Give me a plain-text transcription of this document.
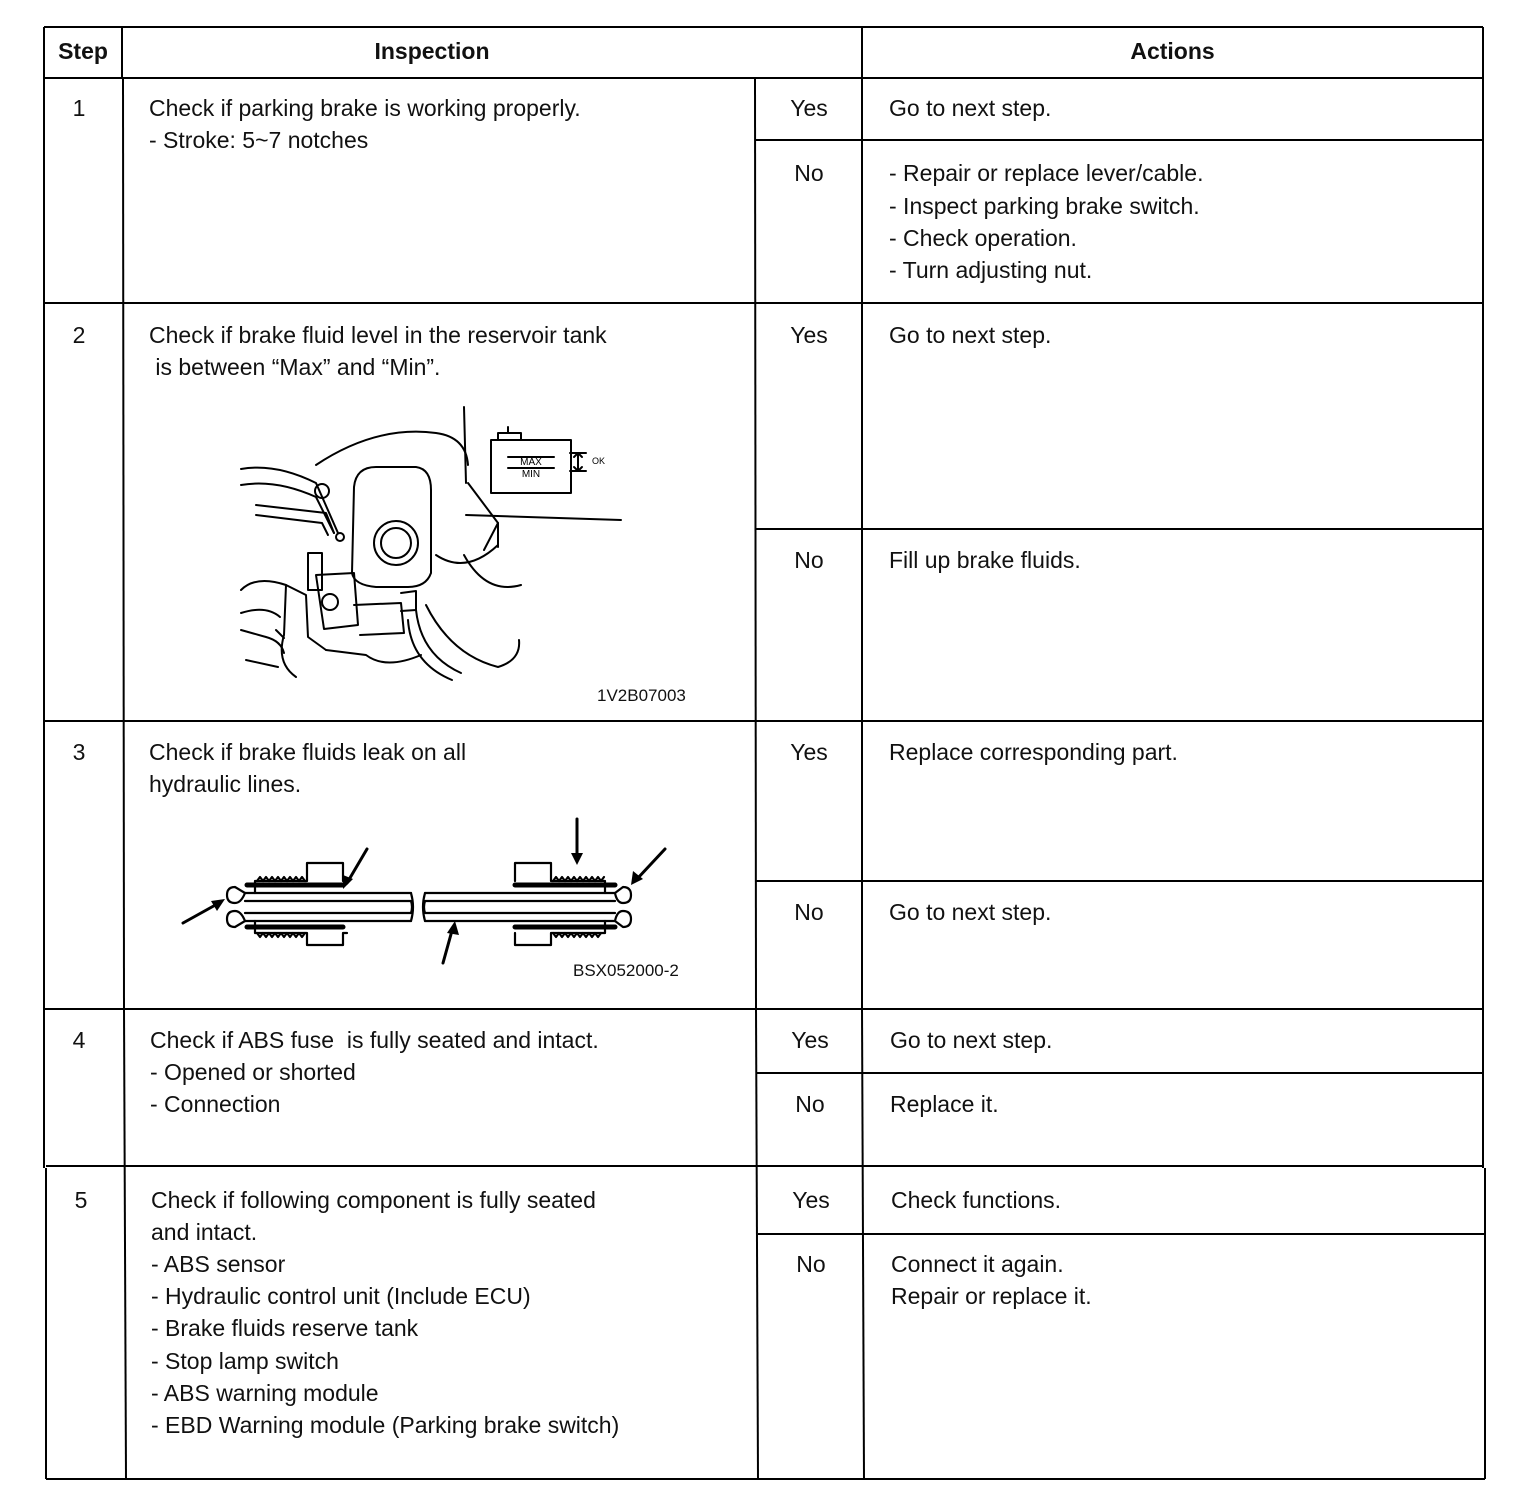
Step	Inspection	Actions
1	Check if parking brake is working properly.
- Stroke: 5~7 notches
Yes	Go to next step.
No	- Repair or replace lever/cable.
- Inspect parking brake switch.
- Check operation.
- Turn adjusting nut.
2	Check if brake fluid level in the reservoir tank
is between “Max” and “Min”.
Yes	Go to next step.
No	Fill up brake fluids.
MAX
MIN
OK
1V2B07003
3	Check if brake fluids leak on all
hydraulic lines.
Yes	Replace corresponding part.
No	Go to next step.
BSX052000-2
4	Check if ABS fuse  is fully seated and intact.
- Opened or shorted
- Connection
Yes	Go to next step.
No	Replace it.
5	Check if following component is fully seated
and intact.
- ABS sensor
- Hydraulic control unit (Include ECU)
- Brake fluids reserve tank
- Stop lamp switch
- ABS warning module
- EBD Warning module (Parking brake switch)
Yes	Check functions.
No	Connect it again.
Repair or replace it.
